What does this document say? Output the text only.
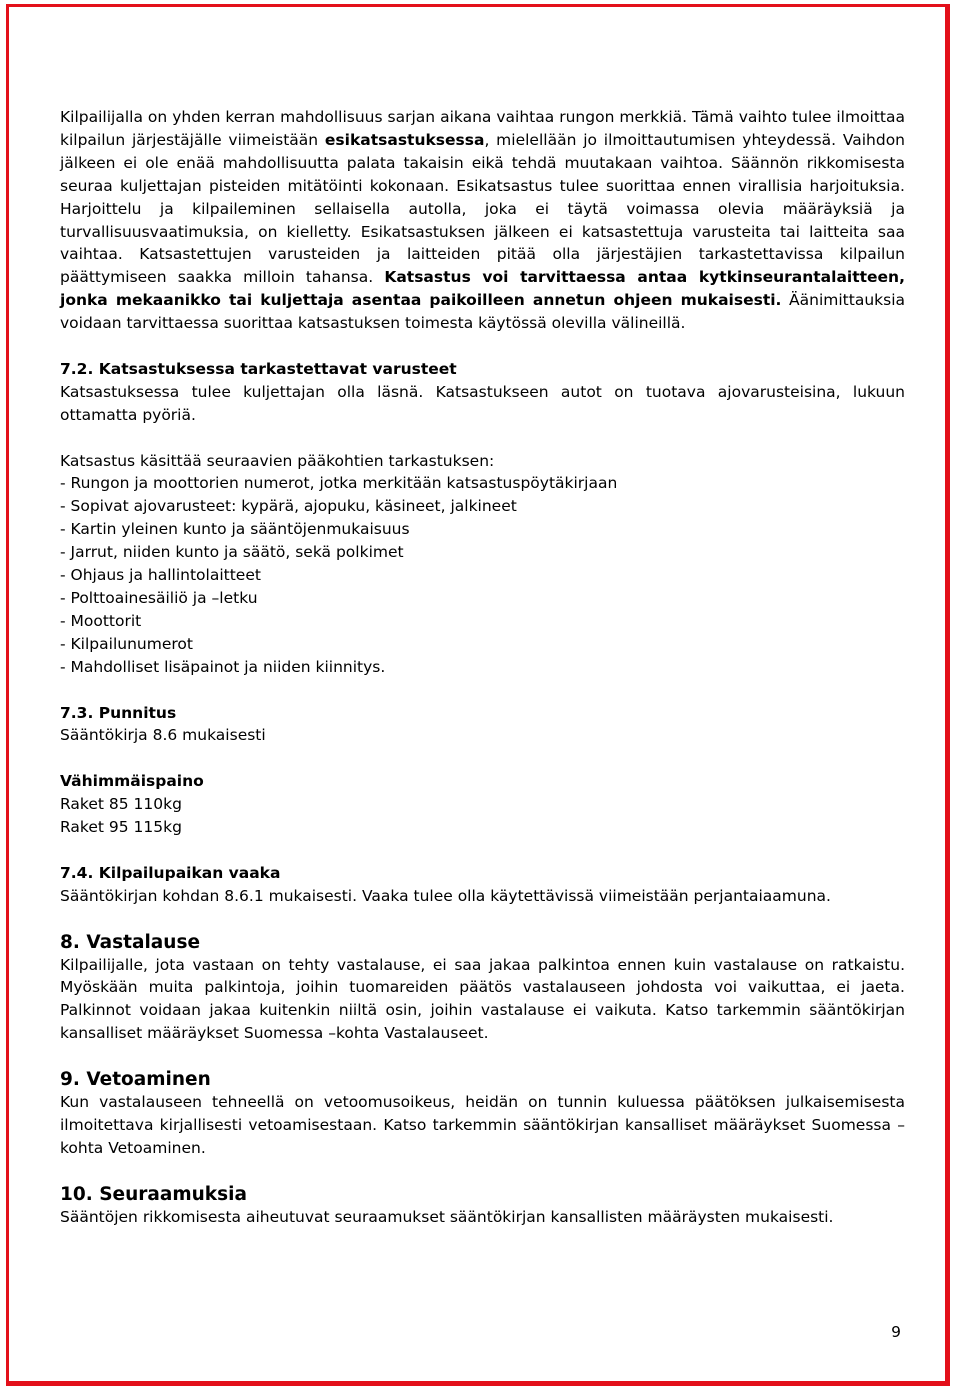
Kilpailijalla on yhden kerran mahdollisuus sarjan aikana vaihtaa rungon merkkiä. Tämä vaihto tulee ilmoittaa kilpailun järjestäjälle viimeistään esikatsastuksessa, mielellään jo ilmoittautumisen yhteydessä. Vaihdon jälkeen ei ole enää mahdollisuutta palata takaisin eikä tehdä muutakaan vaihtoa. Säännön rikkomisesta seuraa kuljettajan pisteiden mitätöinti kokonaan. Esikatsastus tulee suorittaa ennen virallisia harjoituksia. Harjoittelu ja kilpaileminen sellaisella autolla, joka ei täytä voimassa olevia määräyksiä ja turvallisuusvaatimuksia, on kielletty. Esikatsastuksen jälkeen ei katsastettuja varusteita tai laitteita saa vaihtaa. Katsastettujen varusteiden ja laitteiden pitää olla järjestäjien tarkastettavissa kilpailun päättymiseen saakka milloin tahansa. Katsastus voi tarvittaessa antaa kytkinseurantalaitteen, jonka mekaanikko tai kuljettaja asentaa paikoilleen annetun ohjeen mukaisesti. Äänimittauksia voidaan tarvittaessa suorittaa katsastuksen toimesta käytössä olevilla välineillä.

7.2. Katsastuksessa tarkastettavat varusteet

Katsastuksessa tulee kuljettajan olla läsnä. Katsastukseen autot on tuotava ajovarusteisina, lukuun ottamatta pyöriä.

Katsastus käsittää seuraavien pääkohtien tarkastuksen:

- Rungon ja moottorien numerot, jotka merkitään katsastuspöytäkirjaan

- Sopivat ajovarusteet: kypärä, ajopuku, käsineet, jalkineet

- Kartin yleinen kunto ja sääntöjenmukaisuus

- Jarrut, niiden kunto ja säätö, sekä polkimet

- Ohjaus ja hallintolaitteet

- Polttoainesäiliö ja –letku

- Moottorit

- Kilpailunumerot

- Mahdolliset lisäpainot ja niiden kiinnitys.

7.3. Punnitus

Sääntökirja 8.6 mukaisesti

Vähimmäispaino

Raket 85 110kg

Raket 95 115kg

7.4. Kilpailupaikan vaaka

Sääntökirjan kohdan 8.6.1 mukaisesti. Vaaka tulee olla käytettävissä viimeistään perjantaiaamuna.

8. Vastalause

Kilpailijalle, jota vastaan on tehty vastalause, ei saa jakaa palkintoa ennen kuin vastalause on ratkaistu. Myöskään muita palkintoja, joihin tuomareiden päätös vastalauseen johdosta voi vaikuttaa, ei jaeta. Palkinnot voidaan jakaa kuitenkin niiltä osin, joihin vastalause ei vaikuta. Katso tarkemmin sääntökirjan kansalliset määräykset Suomessa –kohta Vastalauseet.

9. Vetoaminen

Kun vastalauseen tehneellä on vetoomusoikeus, heidän on tunnin kuluessa päätöksen julkaisemisesta ilmoitettava kirjallisesti vetoamisestaan. Katso tarkemmin sääntökirjan kansalliset määräykset Suomessa –kohta Vetoaminen.

10. Seuraamuksia

Sääntöjen rikkomisesta aiheutuvat seuraamukset sääntökirjan kansallisten määräysten mukaisesti.

9
